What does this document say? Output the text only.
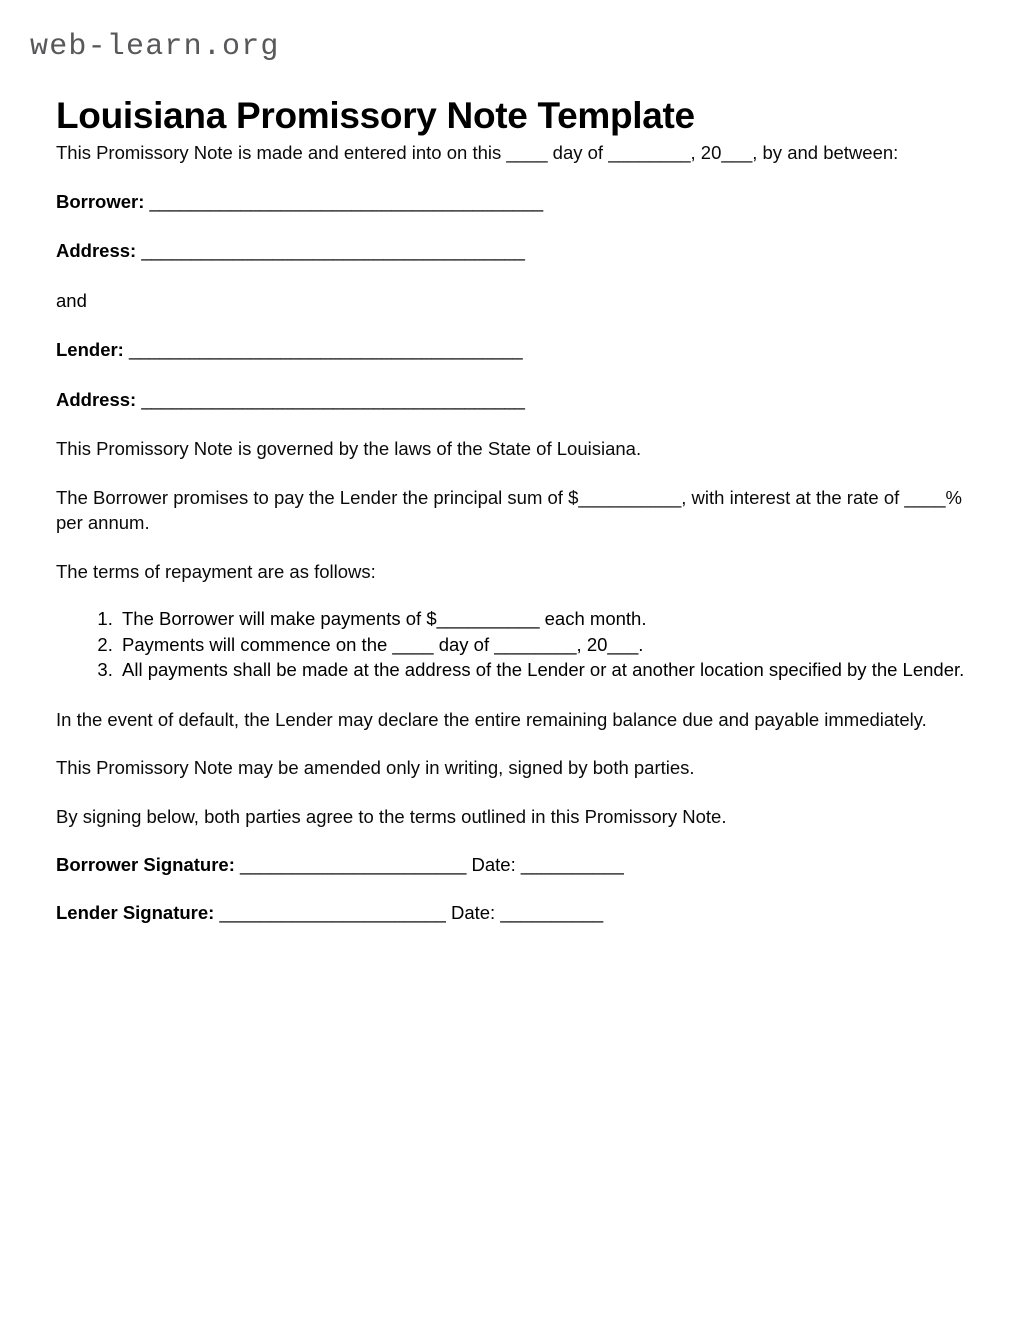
web-learn.org
Louisiana Promissory Note Template

This Promissory Note is made and entered into on this ____ day of ________, 20___, by and between:

Borrower: _______________________________________
Address: ______________________________________
and
Lender: _______________________________________
Address: ______________________________________

This Promissory Note is governed by the laws of the State of Louisiana.

The Borrower promises to pay the Lender the principal sum of $__________, with interest at the rate of ____% per annum.

The terms of repayment are as follows:

1. The Borrower will make payments of $__________ each month.
2. Payments will commence on the ____ day of ________, 20___.
3. All payments shall be made at the address of the Lender or at another location specified by the Lender.

In the event of default, the Lender may declare the entire remaining balance due and payable immediately.

This Promissory Note may be amended only in writing, signed by both parties.

By signing below, both parties agree to the terms outlined in this Promissory Note.

Borrower Signature: ______________________ Date: __________
Lender Signature: ______________________ Date: __________
